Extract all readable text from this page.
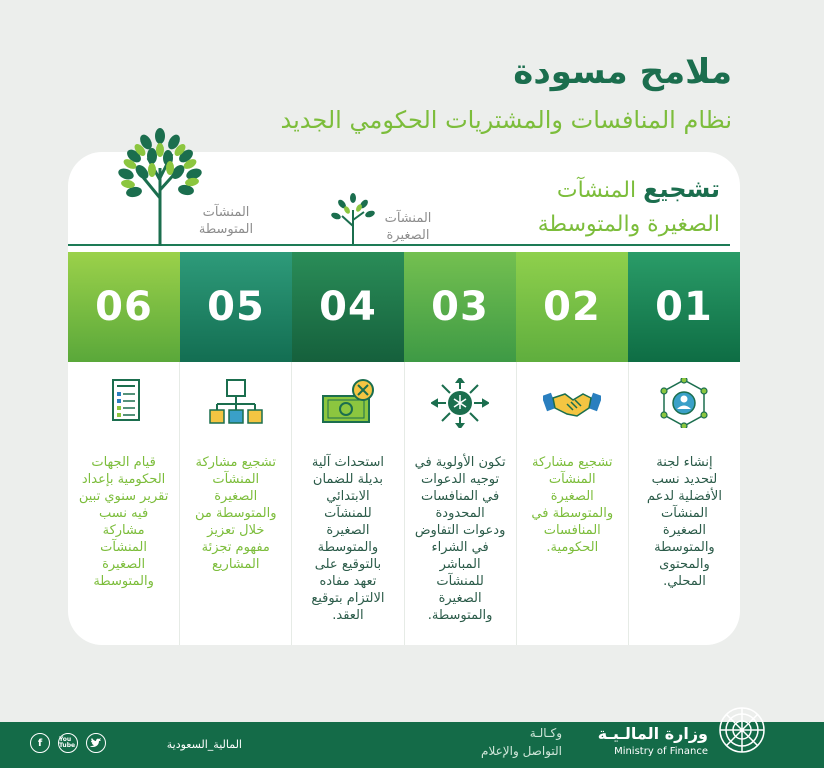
ملامح مسودة
نظام المنافسات والمشتريات الحكومي الجديد
تشجيع المنشآت
الصغيرة والمتوسطة
المنشآت المتوسطة
المنشآت الصغيرة
06	05	04	03	02	01
قيام الجهات الحكومية بإعداد تقرير سنوي تبين فيه نسب مشاركة المنشآت الصغيرة والمتوسطة
تشجيع مشاركة المنشآت الصغيرة والمتوسطة من خلال تعزيز مفهوم تجزئة المشاريع
استحداث آلية بديلة للضمان الابتدائي للمنشآت الصغيرة والمتوسطة بالتوقيع على تعهد مفاده الالتزام بتوقيع العقد.
تكون الأولوية في توجيه الدعوات في المنافسات المحدودة ودعوات التفاوض في الشراء المباشر للمنشآت الصغيرة والمتوسطة.
تشجيع مشاركة المنشآت الصغيرة والمتوسطة في المنافسات الحكومية.
إنشاء لجنة لتحديد نسب الأفضلية لدعم المنشآت الصغيرة والمتوسطة والمحتوى المحلي.
وزارة المالـيـة
Ministry of Finance
وكـالـة
التواصل والإعلام
المالية_السعودية
You Tube
f
